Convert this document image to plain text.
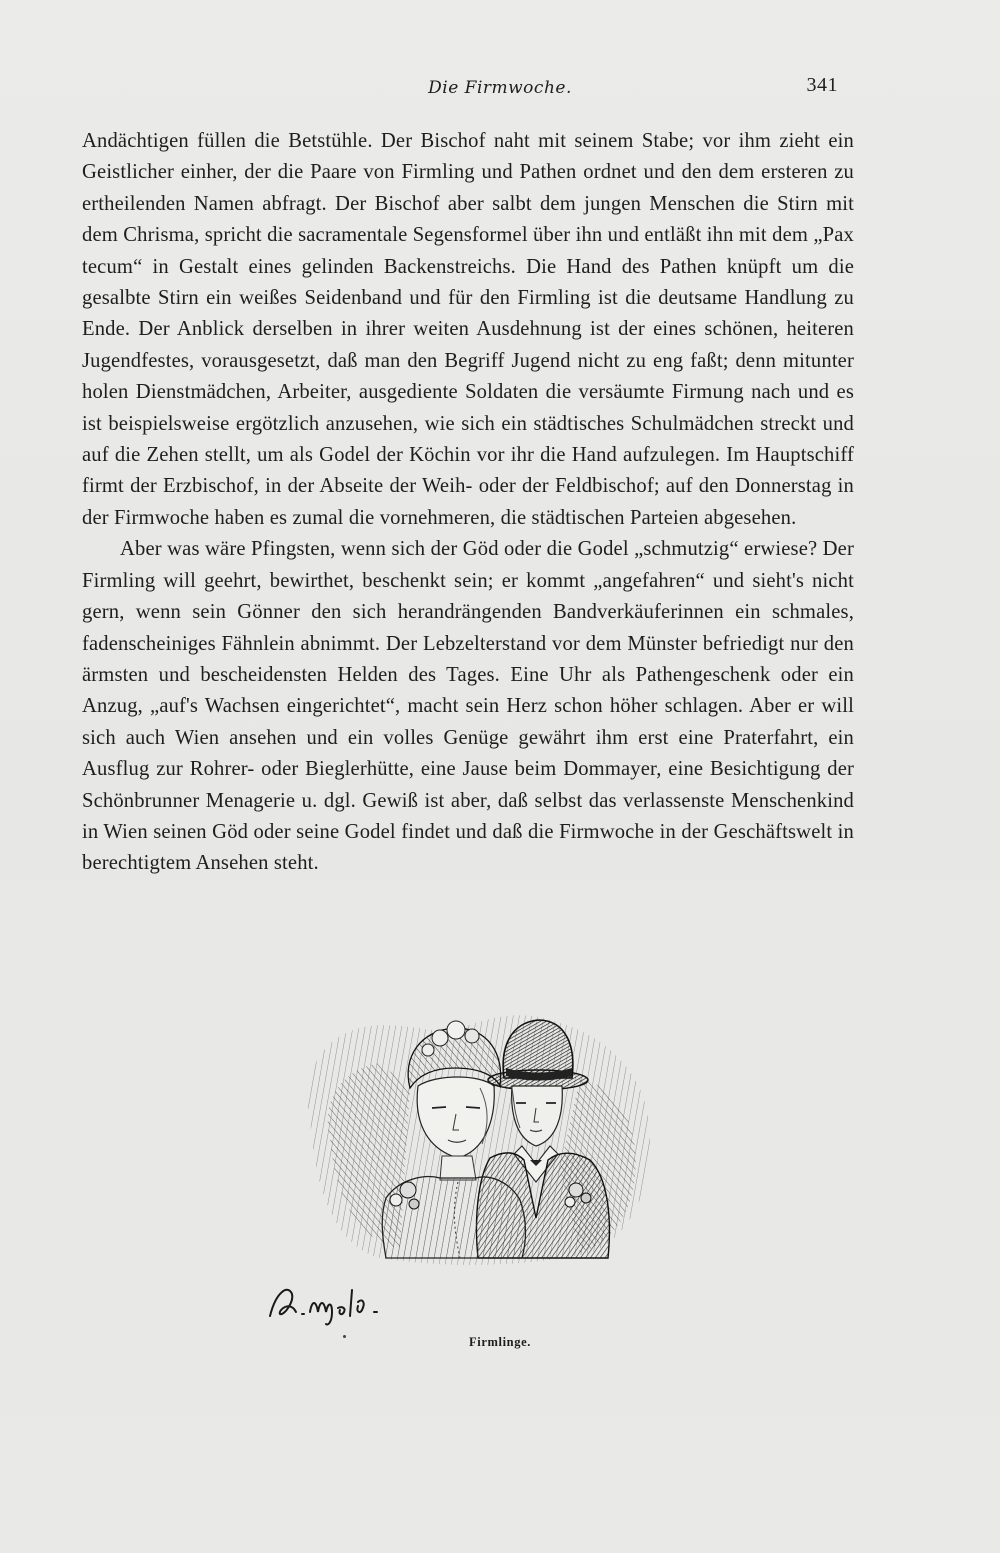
Die Firmwoche.	341

Andächtigen füllen die Betstühle. Der Bischof naht mit seinem Stabe; vor ihm zieht ein Geistlicher einher, der die Paare von Firmling und Pathen ordnet und den dem ersteren zu ertheilenden Namen abfragt. Der Bischof aber salbt dem jungen Menschen die Stirn mit dem Chrisma, spricht die sacramentale Segensformel über ihn und entläßt ihn mit dem „Pax tecum“ in Gestalt eines gelinden Backenstreichs. Die Hand des Pathen knüpft um die gesalbte Stirn ein weißes Seidenband und für den Firmling ist die deutsame Handlung zu Ende. Der Anblick derselben in ihrer weiten Ausdehnung ist der eines schönen, heiteren Jugendfestes, vorausgesetzt, daß man den Begriff Jugend nicht zu eng faßt; denn mitunter holen Dienstmädchen, Arbeiter, ausgediente Soldaten die versäumte Firmung nach und es ist beispielsweise ergötzlich anzusehen, wie sich ein städtisches Schulmädchen streckt und auf die Zehen stellt, um als Godel der Köchin vor ihr die Hand aufzulegen. Im Hauptschiff firmt der Erzbischof, in der Abseite der Weih- oder der Feldbischof; auf den Donnerstag in der Firmwoche haben es zumal die vornehmeren, die städtischen Parteien abgesehen.

Aber was wäre Pfingsten, wenn sich der Göd oder die Godel „schmutzig“ erwiese? Der Firmling will geehrt, bewirthet, beschenkt sein; er kommt „angefahren“ und sieht's nicht gern, wenn sein Gönner den sich herandrängenden Bandverkäuferinnen ein schmales, fadenscheiniges Fähnlein abnimmt. Der Lebzelterstand vor dem Münster befriedigt nur den ärmsten und bescheidensten Helden des Tages. Eine Uhr als Pathengeschenk oder ein Anzug, „auf's Wachsen eingerichtet“, macht sein Herz schon höher schlagen. Aber er will sich auch Wien ansehen und ein volles Genüge gewährt ihm erst eine Praterfahrt, ein Ausflug zur Rohrer- oder Bieglerhütte, eine Jause beim Dommayer, eine Besichtigung der Schönbrunner Menagerie u. dgl. Gewiß ist aber, daß selbst das verlassenste Menschenkind in Wien seinen Göd oder seine Godel findet und daß die Firmwoche in der Geschäftswelt in berechtigtem Ansehen steht.

Firmlinge.
